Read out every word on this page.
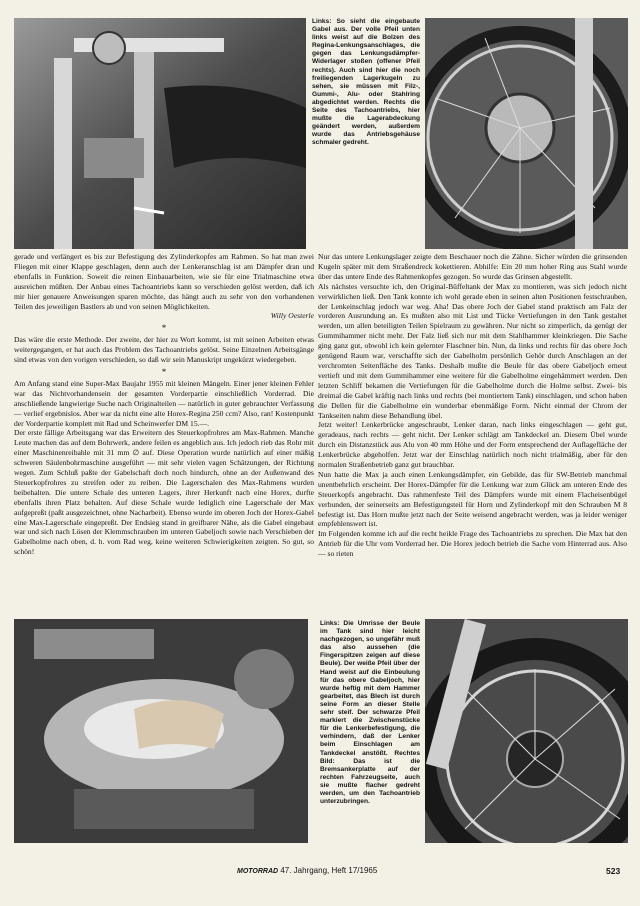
Links: So sieht die eingebaute Gabel aus. Der volle Pfeil unten links weist auf die Bolzen des Regina-Lenkungsanschlages, die gegen das Lenkungsdämpfer-Widerlager stoßen (offener Pfeil rechts). Auch sind hier die noch freiliegenden Lagerkugeln zu sehen, sie müssen mit Filz-, Gummi-, Alu- oder Stahlring abgedichtet werden. Rechts die Seite des Tachoantriebs, hier mußte die Lagerabdeckung geändert werden, außerdem wurde das Antriebsgehäuse schmaler gedreht.

gerade und verlängert es bis zur Befestigung des Zylinderkopfes am Rahmen. So hat man zwei Fliegen mit einer Klappe geschlagen, denn auch der Lenkeranschlag ist am Dämpfer dran und ebenfalls in Funktion. Soweit die reinen Einbauarbeiten, wie sie für eine Trialmaschine etwa ausreichen müßten. Der Anbau eines Tachoantriebs kann so verschieden gelöst werden, daß ich mir hier genauere Anweisungen sparen möchte, das hängt auch zu sehr von den vorhandenen Teilen des jeweiligen Bastlers ab und von seinen Möglichkeiten.

Willy Oesterle
*

Das wäre die erste Methode. Der zweite, der hier zu Wort kommt, ist mit seinen Arbeiten etwas weitergegangen, er hat auch das Problem des Tachoantriebs gelöst. Seine Einzelnen Arbeitsgänge sind etwas von den vorigen verschieden, so daß wir sein Manuskript ungekürzt wiedergeben.

*

Am Anfang stand eine Super-Max Baujahr 1955 mit kleinen Mängeln. Einer jener kleinen Fehler war das Nichtvorhandensein der gesamten Vorderpartie einschließlich Vorderrad. Die anschließende langwierige Suche nach Originalteilen — natürlich in guter gebrauchter Verfassung — verlief ergebnislos. Aber war da nicht eine alte Horex-Regina 250 ccm? Also, ran! Kostenpunkt der Vorderpartie komplett mit Rad und Scheinwerfer DM 15.—.

Der erste fällige Arbeitsgang war das Erweitern des Steuerkopfrohres am Max-Rahmen. Manche Leute machen das auf dem Bohrwerk, andere feilen es angeblich aus. Ich jedoch rieb das Rohr mit einer Maschinenreibahle mit 31 mm ∅ auf. Diese Operation wurde natürlich auf einer mäßig schweren Säulenbohrmaschine ausgeführt — mit sehr vielen vagen Schätzungen, der Richtung wegen. Zum Schluß paßte der Gabelschaft doch noch hindurch, ohne an der Außenwand des Steuerkopfrohres zu streifen oder zu reiben. Die Lagerschalen des Max-Rahmens wurden beibehalten. Die untere Schale des unteren Lagers, ihrer Herkunft nach eine Horex, durfte ebenfalls ihren Platz behalten. Auf diese Schale wurde lediglich eine Lagerschale der Max aufgepreßt (paßt ausgezeichnet, ohne Nacharbeit). Ebenso wurde im oberen Joch der Horex-Gabel eine Max-Lagerschale eingepreßt. Der Endsieg stand in greifbarer Nähe, als die Gabel eingebaut war und sich nach Lösen der Klemmschrauben im unteren Gabeljoch sowie nach Verschieben der Gabelholme nach oben, d. h. vom Rad weg, keine weiteren Schwierigkeiten zeigten. So gut, so schön!

Nur das untere Lenkungslager zeigte dem Beschauer noch die Zähne. Sicher würden die grinsenden Kugeln später mit dem Straßendreck kokettieren. Abhilfe: Ein 20 mm hoher Ring aus Stahl wurde über das untere Ende des Rahmenkopfes gezogen. So wurde das Grinsen abgestellt.

Als nächstes versuchte ich, den Original-Büffeltank der Max zu montieren, was sich jedoch nicht verwirklichen ließ. Den Tank konnte ich wohl gerade eben in seinen alten Positionen festschrauben, der Lenkeinschlag jedoch war weg. Aha! Das obere Joch der Gabel stand praktisch am Falz der vorderen Ausrundung an. Es mußten also mit List und Tücke Vertiefungen in den Tank gestaltet werden, um allen beteiligten Teilen Spielraum zu gewähren. Nur nicht so zimperlich, da genügt der Gummihammer nicht mehr. Der Falz ließ sich nur mit dem Stahlhammer kleinkriegen. Die Sache ging ganz gut, obwohl ich kein gelernter Flaschner bin. Nun, da links und rechts für das obere Joch genügend Raum war, verschaffte sich der Gabelholm persönlich Gehör durch Anschlagen an der verchromten Seitenfläche des Tanks. Deshalb mußte die Beule für das obere Gabeljoch erneut vertieft und mit dem Gummihammer eine weitere für die Gabelholme eingehämmert werden. Den letzten Schliff bekamen die Vertiefungen für die Gabelholme durch die Holme selbst. Zwei- bis dreimal die Gabel kräftig nach links und rechts (bei montiertem Tank) einschlagen, und schon haben die Dellen für die Gabelholme ein wunderbar ebenmäßige Form. Nicht einmal der Chrom der Tankseiten nahm diese Behandlung übel.

Jetzt weiter! Lenkerbrücke angeschraubt, Lenker daran, nach links eingeschlagen — geht gut, geradeaus, nach rechts — geht nicht. Der Lenker schlägt am Tankdeckel an. Diesem Übel wurde durch ein Distanzstück aus Alu von 40 mm Höhe und der Form entsprechend der Auflagefläche der Lenkerbrücke abgeholfen. Jetzt war der Einschlag natürlich noch nicht trialmäßig, aber für den normalen Straßenbetrieb ganz gut brauchbar.

Nun hatte die Max ja auch einen Lenkungsdämpfer, ein Gebilde, das für SW-Betrieb manchmal unentbehrlich erscheint. Der Horex-Dämpfer für die Lenkung war zum Glück am unteren Ende des Steuerkopfs angebracht. Das rahmenfeste Teil des Dämpfers wurde mit einem Flacheisenbügel verbunden, der seinerseits am Befestigungsteil für Horn und Zylinderkopf mit den Schrauben M 8 befestigt ist. Das Horn mußte jetzt nach der Seite weisend angebracht werden, was ja leider weniger empfehlenswert ist.

Im Folgenden komme ich auf die recht heikle Frage des Tachoantriebs zu sprechen. Die Max hat den Antrieb für die Uhr vom Vorderrad her. Die Horex jedoch betrieb die Sache vom Hinterrad aus. Also — so rieten

Links: Die Umrisse der Beule im Tank sind hier leicht nachgezogen, so ungefähr muß das also aussehen (die Fingerspitzen zeigen auf diese Beule). Der weiße Pfeil über der Hand weist auf die Einbeulung für das obere Gabeljoch, hier wurde heftig mit dem Hammer gearbeitet, das Blech ist durch seine Form an dieser Stelle sehr steif. Der schwarze Pfeil markiert die Zwischenstücke für die Lenkerbefestigung, die verhindern, daß der Lenker beim Einschlagen am Tankdeckel anstößt. Rechtes Bild: Das ist die Bremsankerplatte auf der rechten Fahrzeugseite, auch sie mußte flacher gedreht werden, um den Tachoantrieb unterzubringen.

MOTORRAD 47. Jahrgang, Heft 17/1965	523
